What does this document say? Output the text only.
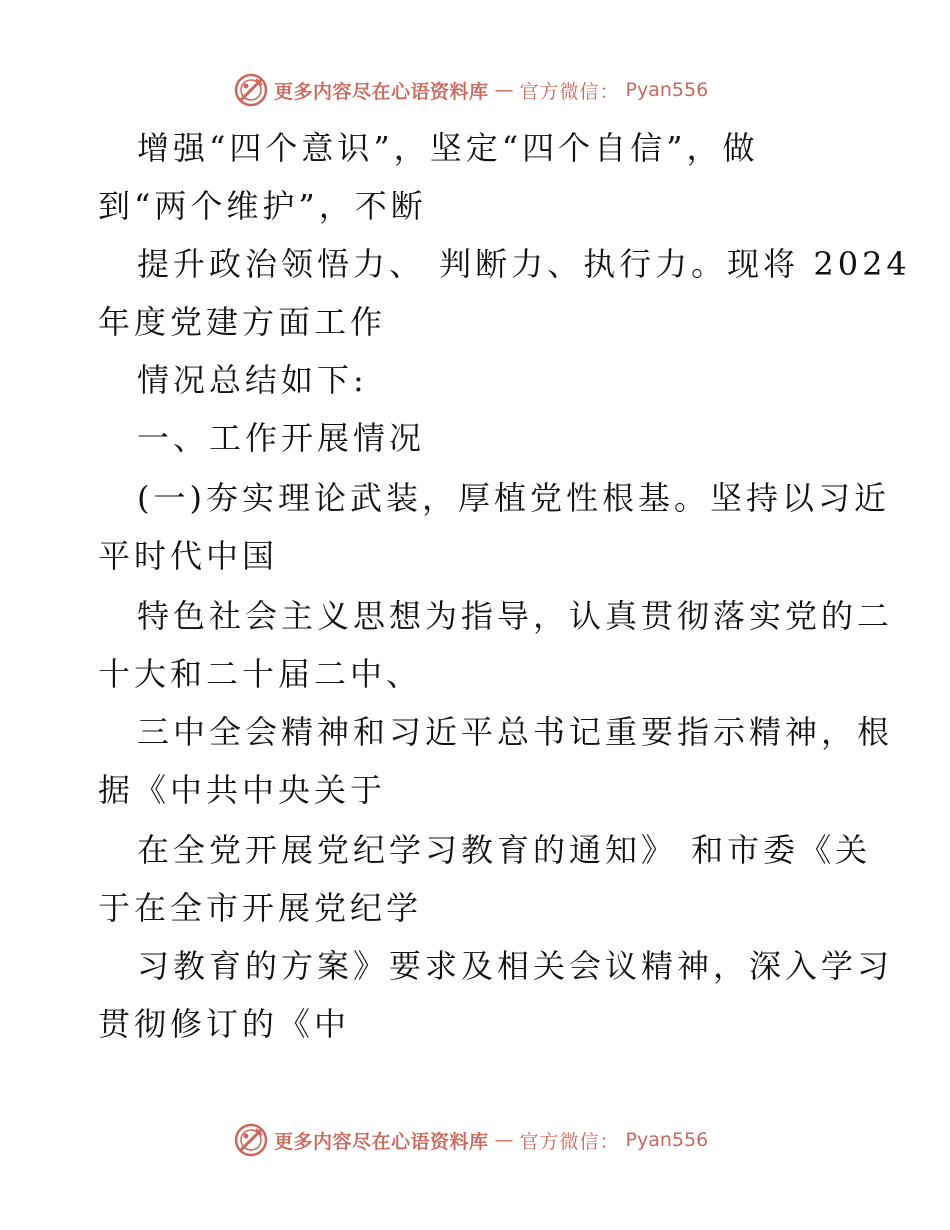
更多内容尽在心语资料库 — 官方微信： Pyan556
增强“四个意识”，坚定“四个自信”，做
到“两个维护”，不断
提升政治领悟力、 判断力、执行力。现将 2024
年度党建方面工作
情况总结如下:
一、工作开展情况
(一)夯实理论武装，厚植党性根基。坚持以习近
平时代中国
特色社会主义思想为指导，认真贯彻落实党的二
十大和二十届二中、
三中全会精神和习近平总书记重要指示精神，根
据《中共中央关于
在全党开展党纪学习教育的通知》 和市委《关
于在全市开展党纪学
习教育的方案》要求及相关会议精神，深入学习
贯彻修订的《中
更多内容尽在心语资料库 — 官方微信： Pyan556
